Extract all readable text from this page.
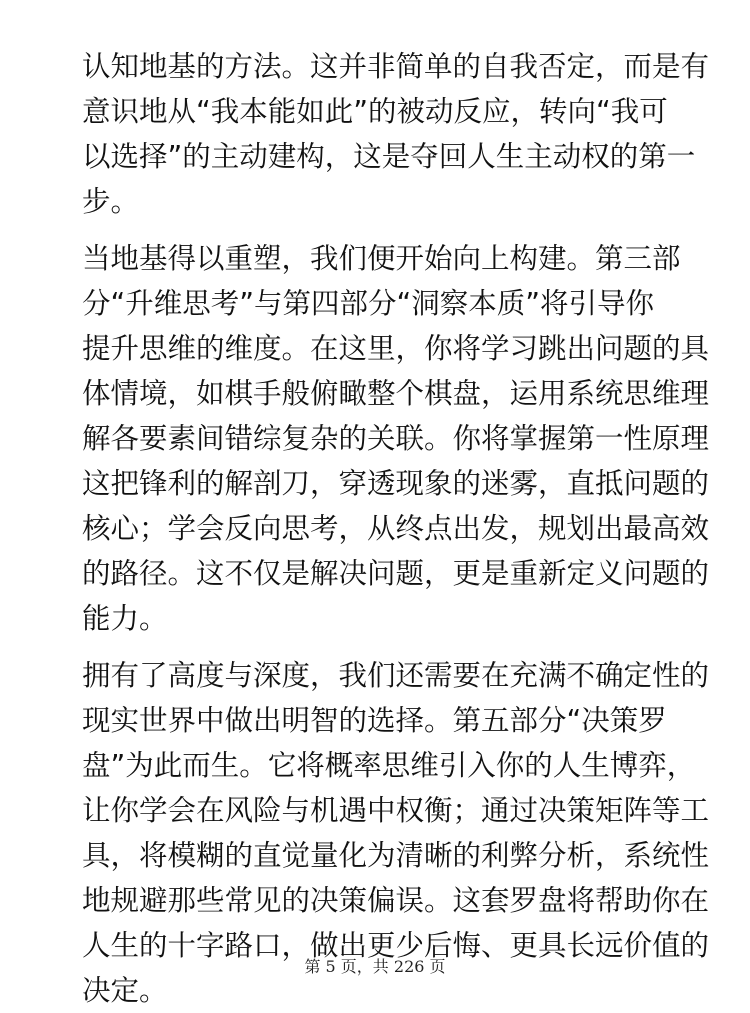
认知地基的方法。这并非简单的自我否定，而是有
意识地从“我本能如此”的被动反应，转向“我可
以选择”的主动建构，这是夺回人生主动权的第一
步。
当地基得以重塑，我们便开始向上构建。第三部
分“升维思考”与第四部分“洞察本质”将引导你
提升思维的维度。在这里，你将学习跳出问题的具
体情境，如棋手般俯瞰整个棋盘，运用系统思维理
解各要素间错综复杂的关联。你将掌握第一性原理
这把锋利的解剖刀，穿透现象的迷雾，直抵问题的
核心；学会反向思考，从终点出发，规划出最高效
的路径。这不仅是解决问题，更是重新定义问题的
能力。
拥有了高度与深度，我们还需要在充满不确定性的
现实世界中做出明智的选择。第五部分“决策罗
盘”为此而生。它将概率思维引入你的人生博弈，
让你学会在风险与机遇中权衡；通过决策矩阵等工
具，将模糊的直觉量化为清晰的利弊分析，系统性
地规避那些常见的决策偏误。这套罗盘将帮助你在
人生的十字路口，做出更少后悔、更具长远价值的
决定。
第 5 页，共 226 页
